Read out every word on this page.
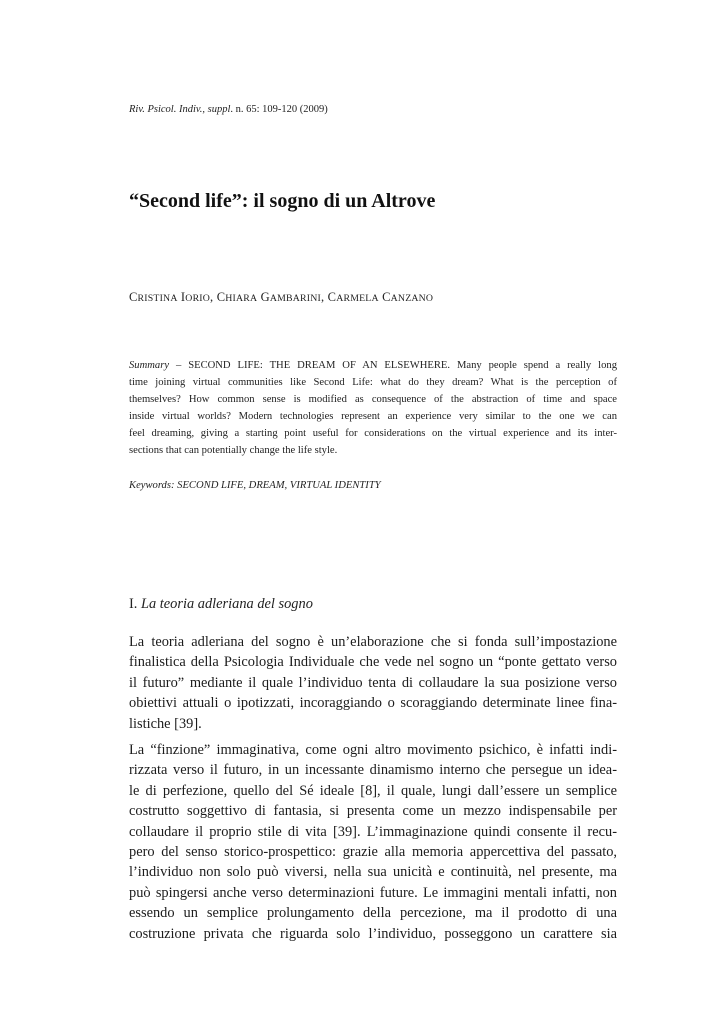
Riv. Psicol. Indiv., suppl. n. 65: 109-120 (2009)
“Second life”: il sogno di un Altrove
CRISTINA IORIO, CHIARA GAMBARINI, CARMELA CANZANO
Summary – SECOND LIFE: THE DREAM OF AN ELSEWHERE. Many people spend a really long
time joining virtual communities like Second Life: what do they dream? What is the perception of
themselves? How common sense is modified as consequence of the abstraction of time and space
inside virtual worlds? Modern technologies represent an experience very similar to the one we can
feel dreaming, giving a starting point useful for considerations on the virtual experience and its inter-
sections that can potentially change the life style.
Keywords: SECOND LIFE, DREAM, VIRTUAL IDENTITY
I. La teoria adleriana del sogno
La teoria adleriana del sogno è un’elaborazione che si fonda sull’impostazione
finalistica della Psicologia Individuale che vede nel sogno un “ponte gettato verso
il futuro” mediante il quale l’individuo tenta di collaudare la sua posizione verso
obiettivi attuali o ipotizzati, incoraggiando o scoraggiando determinate linee fina-
listiche [39].
La “finzione” immaginativa, come ogni altro movimento psichico, è infatti indi-
rizzata verso il futuro, in un incessante dinamismo interno che persegue un idea-
le di perfezione, quello del Sé ideale [8], il quale, lungi dall’essere un semplice
costrutto soggettivo di fantasia, si presenta come un mezzo indispensabile per
collaudare il proprio stile di vita [39]. L’immaginazione quindi consente il recu-
pero del senso storico-prospettico: grazie alla memoria appercettiva del passato,
l’individuo non solo può viversi, nella sua unicità e continuità, nel presente, ma
può spingersi anche verso determinazioni future. Le immagini mentali infatti, non
essendo un semplice prolungamento della percezione, ma il prodotto di una
costruzione privata che riguarda solo l’individuo, posseggono un carattere sia
